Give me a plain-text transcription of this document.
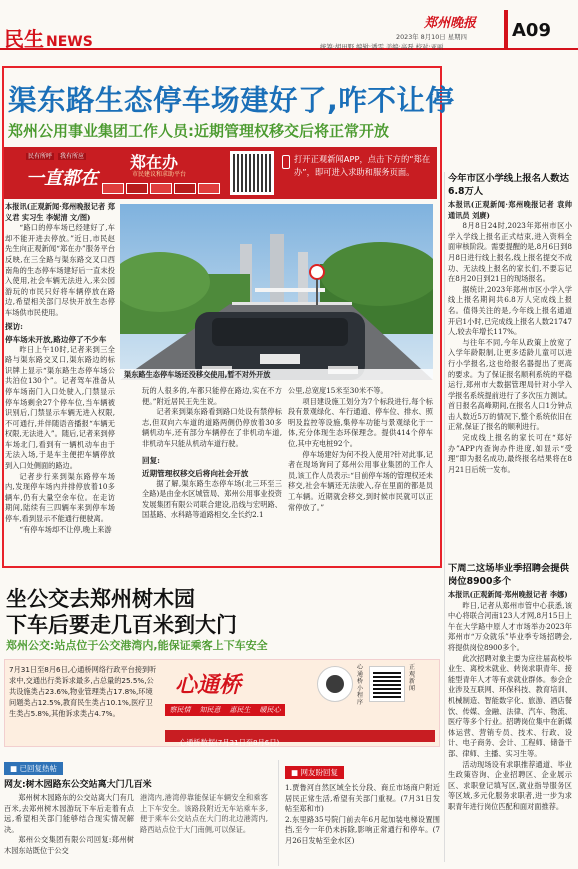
民生 NEWS
郑州晚报
2023年 8月10日 星期四
统筹:胡田野 编辑:潘雯 美编:高磊 校对:亚丽
A09
渠东路生态停车场建好了,咋不让停
郑州公用事业集团工作人员:近期管理权移交后将正常开放
民有所呼 我有所应
一直都在
郑在办
市民建议和求助平台
打开正观新闻APP，点击下方的“郑在办”，即可进入求助和服务页面。
本报讯(正观新闻·郑州晚报记者 郑义君 实习生 李妮清 文/图)
“路口的停车场已经建好了,车却不能开进去停放。”近日,市民赵先生向正观新闻“郑在办”服务平台反映,在三全路与渠东路交叉口西南角的生态停车场建好后一直未投入使用,社会车辆无法进入,来公园游玩的市民只好将车辆停放在路边,希望相关部门尽快开放生态停车场供市民使用。
探访:
停车场未开放,路边停了不少车
昨日上午10时,记者来到三全路与渠东路交叉口,渠东路边的标识牌上显示“渠东路生态停车场公共泊位130个”。记者驾车准备从停车场南门入口处驶入,门禁显示停车场剩余27个停车位,当车辆被识别后,门禁显示车辆无进入权限,不可通行,并伴随语音播报“车辆无权限,无法进入”。随后,记者来到停车场北门,看到有一辆机动车由于无法入场,于是车主便把车辆停放到入口处侧面的路边。
记者步行来到渠东路停车场内,发现停车场内并排停放着10多辆车,仍有大量空余车位。在走访期间,陆续有三四辆车来到停车场停车,看到显示不能通行便驶离。
“有停车场却不让停,晚上来游
渠东路生态停车场还没移交使用,暂不对外开放
玩的人很多的,车都只能停在路边,实在不方便。”附近居民王先生说。
记者来到渠东路看到路口处设有禁停标志,但双向六车道的道路两侧仍停放着30多辆机动车,还有部分车辆停在了非机动车道,非机动车只能从机动车道行驶。
回复:
近期管理权移交后将向社会开放
据了解,渠东路生态停车场(北三环至三全路)是由金水区城管局、郑州公用事业投资发展集团有限公司联合建设,沿线与宏明路、国基路、水科路等道路相交,全长约2.1
公里,总宽度15米至30米不等。
项目建设施工划分为7个标段进行,每个标段有景观绿化、车行通道、停车位、排水、照明及监控等设施,集停车功能与景观绿化于一体,充分体现生态环保理念。提供414个停车位,其中充电桩92个。
停车场建好为何不投入使用?针对此事,记者在现场询问了郑州公用事业集团的工作人员,该工作人员表示:“目前停车场的管理权还未移交,社会车辆还无法驶入,存在里面的都是员工车辆。近期就会移交,到时候市民就可以正常停放了。”
今年市区小学线上报名人数达6.8万人
本报讯(正观新闻·郑州晚报记者 袁帅 通讯员 刘赓)
8月8日24时,2023年郑州市区小学入学线上报名正式结束,进入资料全面审核阶段。需要提醒的是,8月6日到8月8日进行线上报名,线上报名提交不成功、无法线上报名的家长们,不要忘记在8月20日到21日的现场报名。
据统计,2023年郑州市区小学入学线上报名期间共6.8万人完成线上报名。值得关注的是,今年线上报名通道开启1小时,已完成线上报名人数21747人,较去年增长117%。
与往年不同,今年从政策上放宽了入学年龄限制,让更多适龄儿童可以进行小学报名,这也给报名器提出了更高的要求。为了保证报名顺利系统的平稳运行,郑州市大数据管理局针对小学入学报名系统提前进行了多次压力测试。首日报名高峰期间,在报名人口1分钟点击人数近5万的情况下,整个系统依旧在正常,保证了报名的顺利进行。
完成线上报名的家长可在“郑好办”APP内查询办件进度,如显示“受理”即为报名成功,最终报名结果将在8月21日后统一发布。
下周二这场毕业季招聘会提供岗位8900多个
本报讯(正观新闻·郑州晚报记者 李娜)
昨日,记者从郑州市管中心获悉,该中心将联合河南123人才网,8月15日上午在大学路中原人才市场举办2023年郑州市“万众就乐”毕业季专场招聘会,将提供岗位8900多个。
此次招聘对象主要为应往届高校毕业生、离校未就业、转岗求职青年、接能型青年人才等有求就业群体。参会企业涉及互联网、环保科技、教育培训、机械制造、智能数字化、旅游、酒店餐饮、传媒、金融、法律、汽车、物流、医疗等多个行业。招聘岗位集中在新媒体运营、营销专员、技术、行政、设计、电子商务、会计、工程师、储备干部、律师、主播、实习生等。
活动现场设有求职推荐通道、毕业生政策咨询、企业招聘区、企业展示区、求职登记填写区,就业指导服务区等区域,多元化服务求职者,进一步为求职青年进行岗位匹配和面对面推荐。
坐公交去郑州树木园
下车后要走几百米到大门
郑州公交:站点位于公交港湾内,能保证乘客上下车安全
7月31日至8月6日,心通桥网络行政平台接到听求中,交通出行类诉求最多,占总量的25.5%,公共设施类占23.6%,物业管理类占17.8%,环境问题类占12.5%,教育民生类占10.1%,医疗卫生类占5.8%,其他诉求类占4.7%。
心通桥
察民情 知民意 惠民生 暖民心
心通桥小程序
正观新闻
心通桥数据(7月31日至8月6日)
■ 已回复热帖
网友:树木园路东公交站离大门几百米
郑州树木园路东的公交站离大门有几百米,去郑州树木园游玩下车后走着有点远,希望相关部门能够结合现实情况解决。
郑州公交集团有限公司回复:郑州树木园东站既位于公交
港湾内,港湾停靠能保证车辆安全和乘客上下车安全。该路段附近无车站乘车多,便于乘车公交站点在大门的北边港湾内,路西站点位于大门南侧,可以保证。
■ 网友盼回复
1.贾鲁河自然区域全长分段、商丘市场商户附近居民正常生活,希望有关部门重视。(7月31日发帖至郑和市)
2.东里路35号院门前去年6月起加装电梯设置围挡,至今一年仍未拆除,影响正常通行和停车。(7月26日发帖至金水区)
